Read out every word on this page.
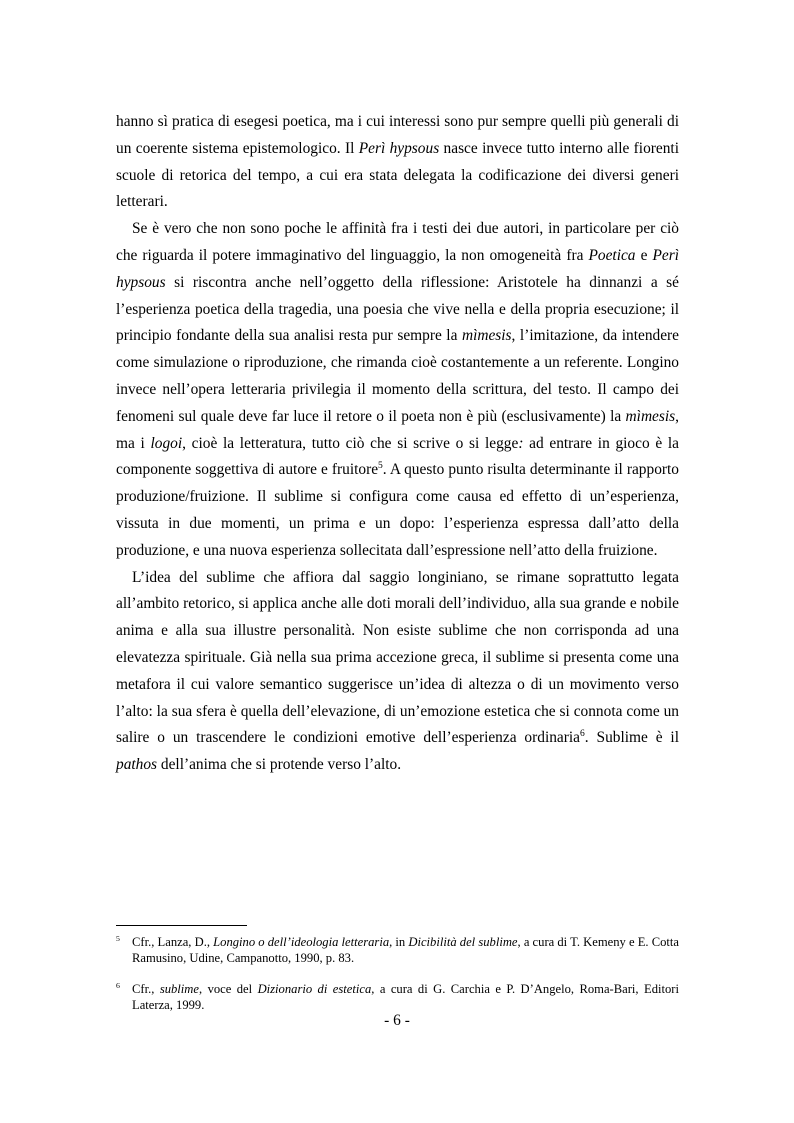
hanno sì pratica di esegesi poetica, ma i cui interessi sono pur sempre quelli più generali di un coerente sistema epistemologico. Il Perì hypsous nasce invece tutto interno alle fiorenti scuole di retorica del tempo, a cui era stata delegata la codificazione dei diversi generi letterari.

Se è vero che non sono poche le affinità fra i testi dei due autori, in particolare per ciò che riguarda il potere immaginativo del linguaggio, la non omogeneità fra Poetica e Perì hypsous si riscontra anche nell’oggetto della riflessione: Aristotele ha dinnanzi a sé l’esperienza poetica della tragedia, una poesia che vive nella e della propria esecuzione; il principio fondante della sua analisi resta pur sempre la mìmesis, l’imitazione, da intendere come simulazione o riproduzione, che rimanda cioè costantemente a un referente. Longino invece nell’opera letteraria privilegia il momento della scrittura, del testo. Il campo dei fenomeni sul quale deve far luce il retore o il poeta non è più (esclusivamente) la mìmesis, ma i logoi, cioè la letteratura, tutto ciò che si scrive o si legge: ad entrare in gioco è la componente soggettiva di autore e fruitore$^5$. A questo punto risulta determinante il rapporto produzione/fruizione. Il sublime si configura come causa ed effetto di un’esperienza, vissuta in due momenti, un prima e un dopo: l’esperienza espressa dall’atto della produzione, e una nuova esperienza sollecitata dall’espressione nell’atto della fruizione.

L’idea del sublime che affiora dal saggio longiniano, se rimane soprattutto legata all’ambito retorico, si applica anche alle doti morali dell’individuo, alla sua grande e nobile anima e alla sua illustre personalità. Non esiste sublime che non corrisponda ad una elevatezza spirituale. Già nella sua prima accezione greca, il sublime si presenta come una metafora il cui valore semantico suggerisce un’idea di altezza o di un movimento verso l’alto: la sua sfera è quella dell’elevazione, di un’emozione estetica che si connota come un salire o un trascendere le condizioni emotive dell’esperienza ordinaria$^6$. Sublime è il pathos dell’anima che si protende verso l’alto.

$^5$ Cfr., Lanza, D., Longino o dell’ideologia letteraria, in Dicibilità del sublime, a cura di T. Kemeny e E. Cotta Ramusino, Udine, Campanotto, 1990, p. 83.
$^6$ Cfr., sublime, voce del Dizionario di estetica, a cura di G. Carchia e P. D’Angelo, Roma-Bari, Editori Laterza, 1999.
- 6 -
